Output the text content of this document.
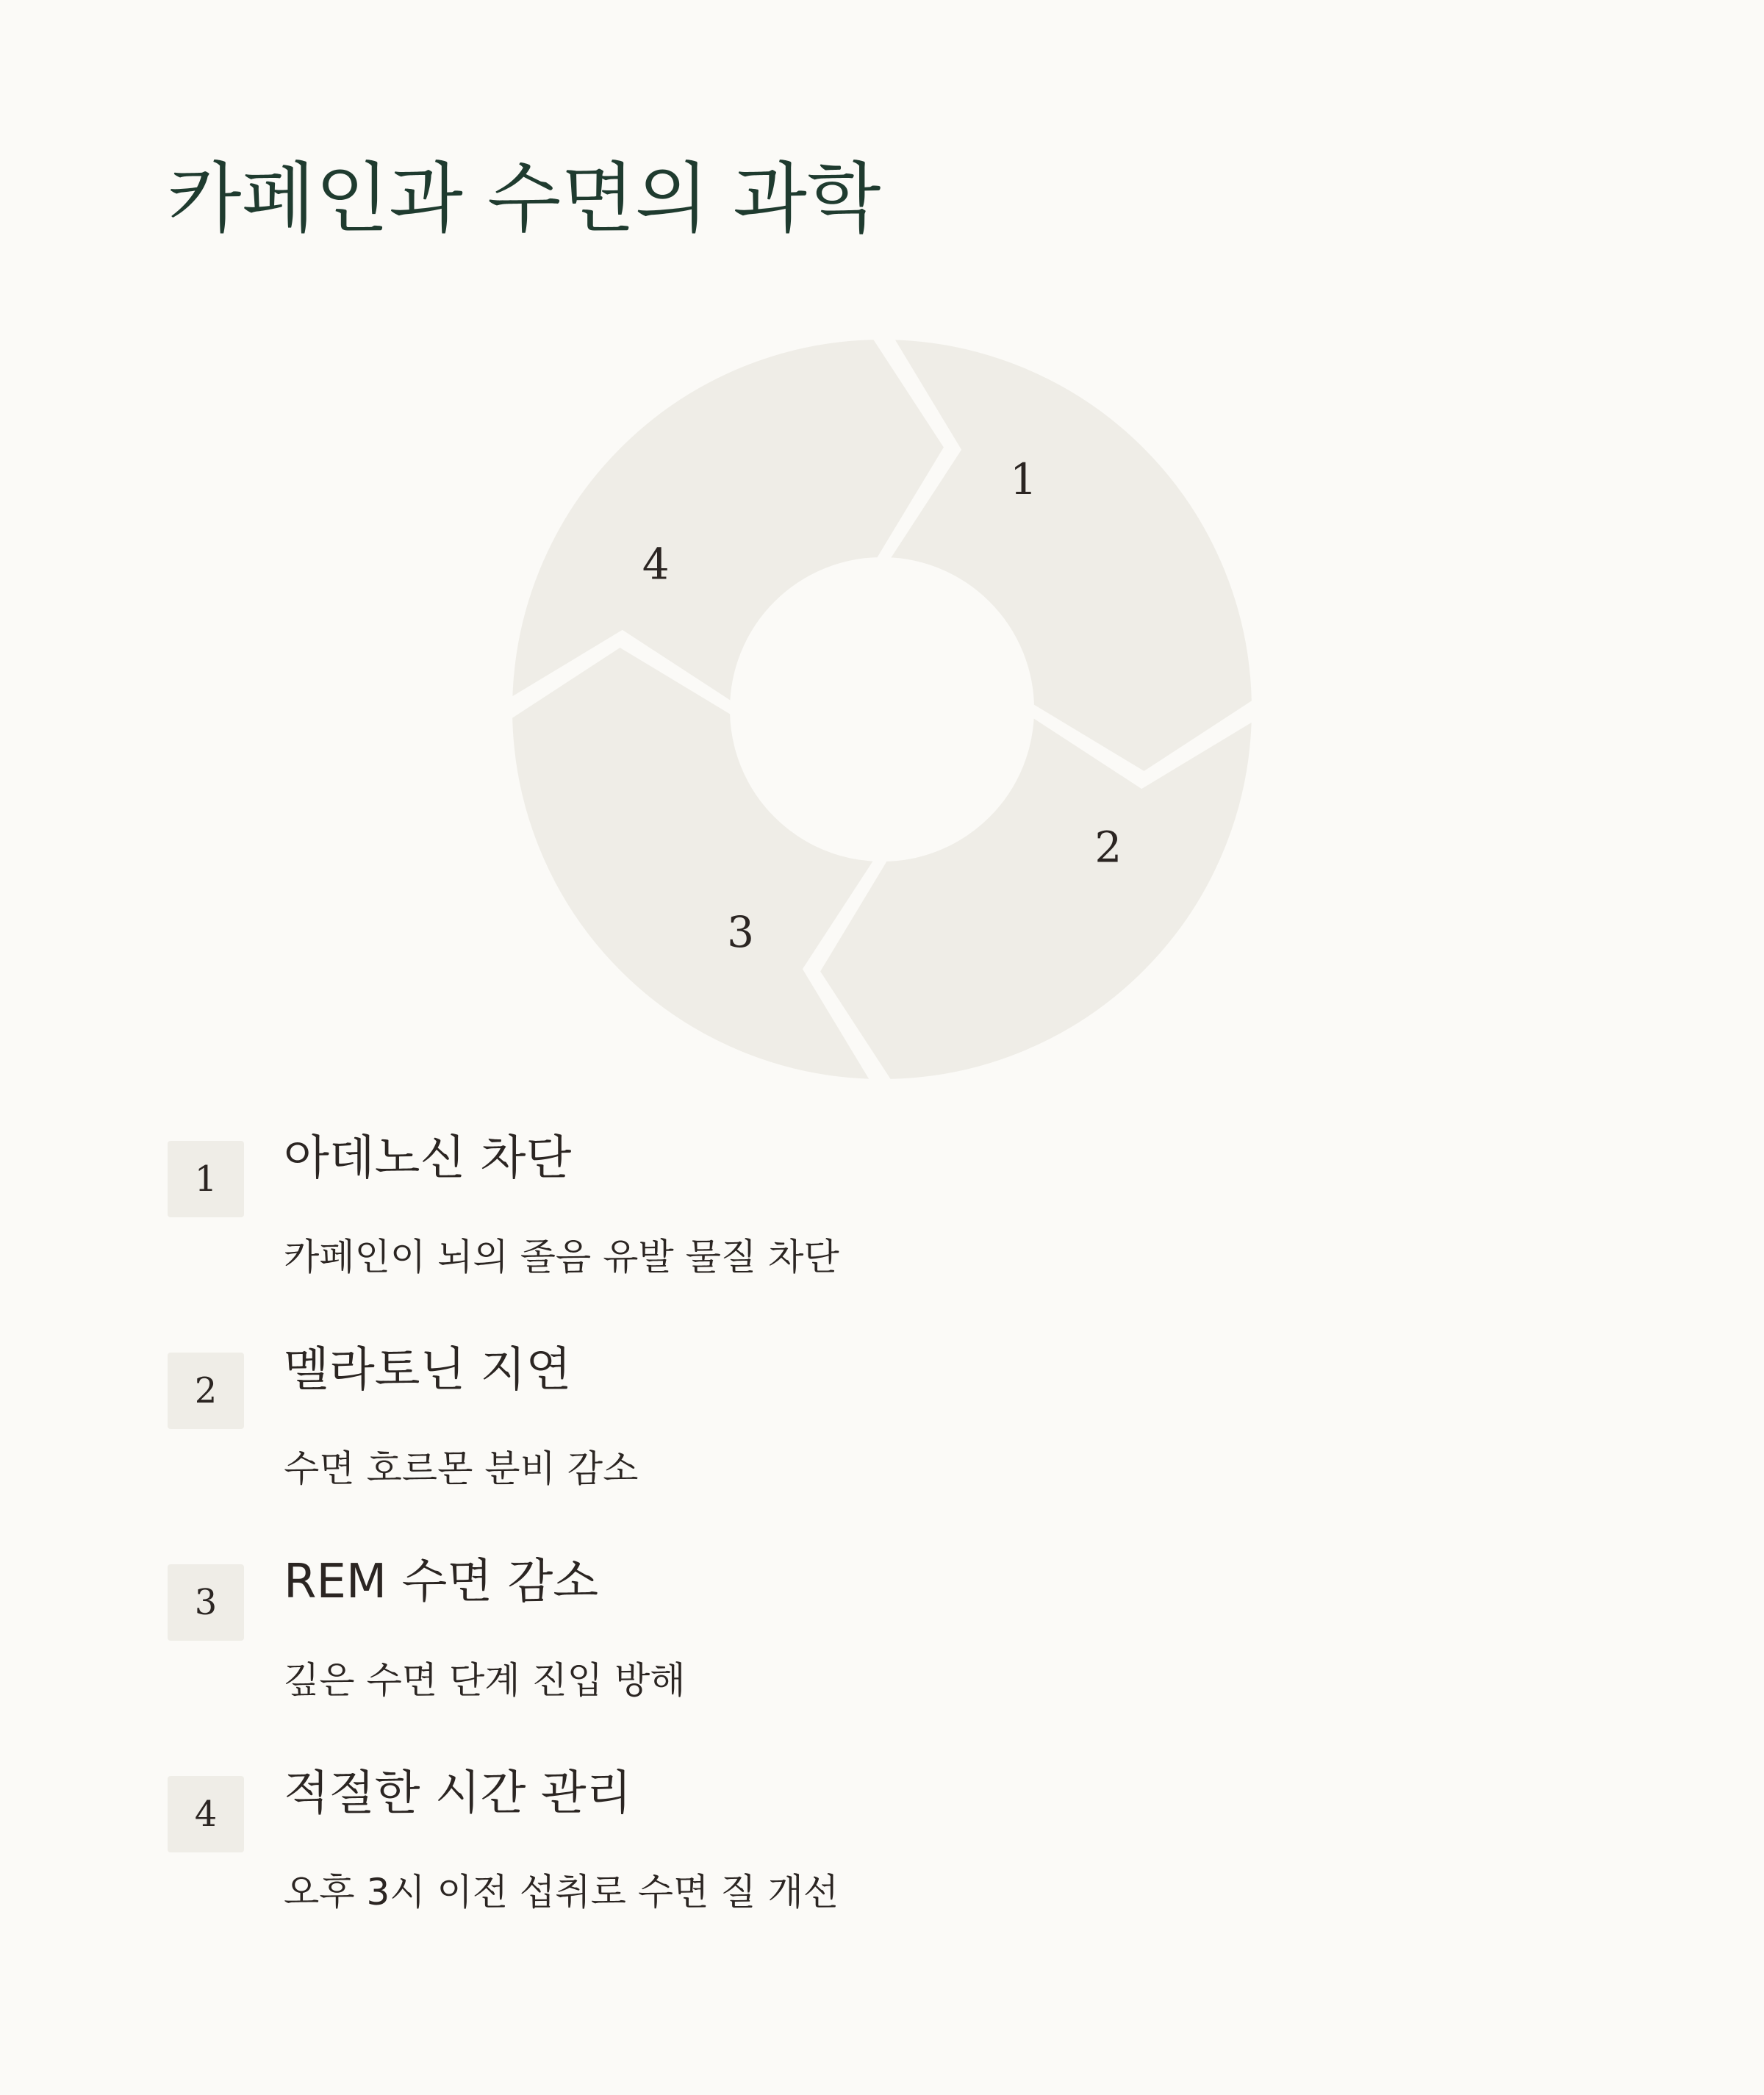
카페인과 수면의 과학
1
2
3
4
1	아데노신 차단

카페인이 뇌의 졸음 유발 물질 차단

2	멜라토닌 지연

수면 호르몬 분비 감소

3	REM 수면 감소

깊은 수면 단계 진입 방해

4	적절한 시간 관리

오후 3시 이전 섭취로 수면 질 개선
